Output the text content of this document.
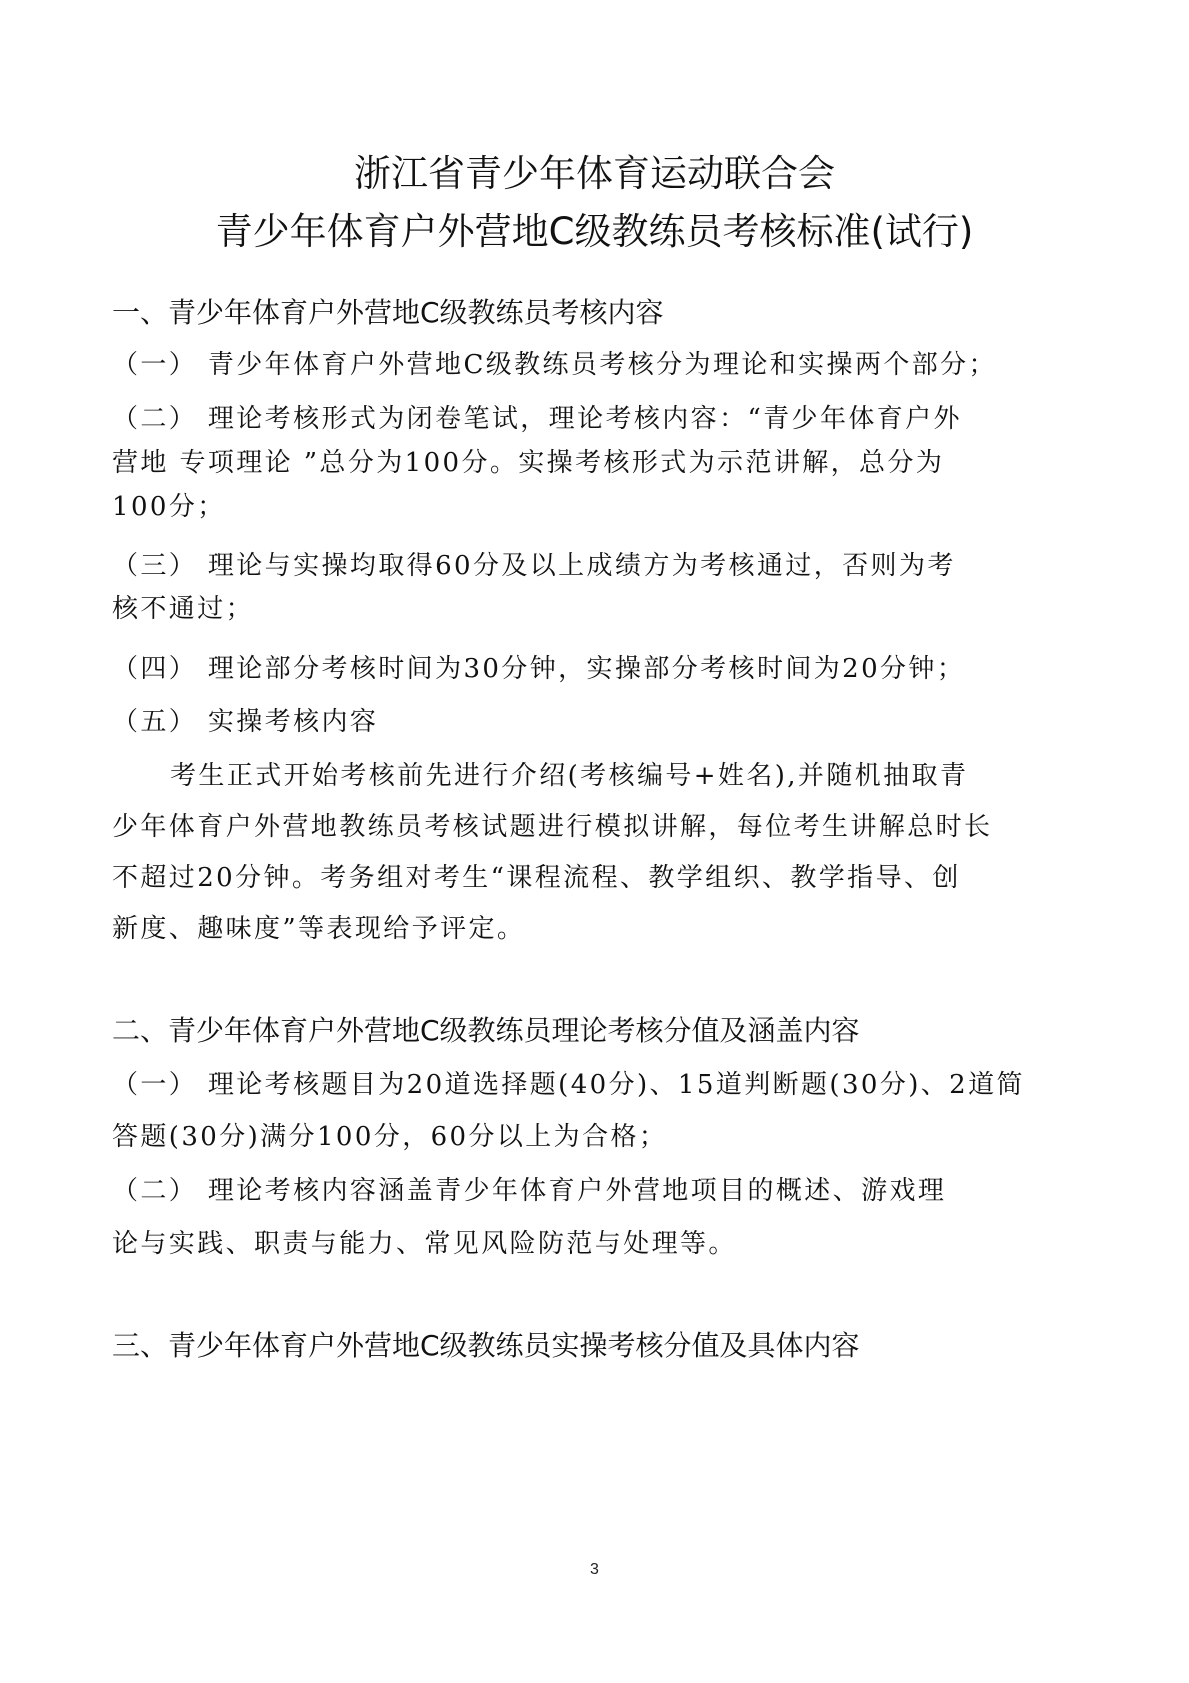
浙江省青少年体育运动联合会
青少年体育户外营地C级教练员考核标准(试行)
一、青少年体育户外营地C级教练员考核内容
（一） 青少年体育户外营地C级教练员考核分为理论和实操两个部分；
（二） 理论考核形式为闭卷笔试，理论考核内容：“青少年体育户外
营地 专项理论 ”总分为100分。实操考核形式为示范讲解，总分为
100分；
（三） 理论与实操均取得60分及以上成绩方为考核通过，否则为考
核不通过；
（四） 理论部分考核时间为30分钟，实操部分考核时间为20分钟；
（五） 实操考核内容
考生正式开始考核前先进行介绍(考核编号+姓名),并随机抽取青
少年体育户外营地教练员考核试题进行模拟讲解，每位考生讲解总时长
不超过20分钟。考务组对考生“课程流程、教学组织、教学指导、创
新度、趣味度”等表现给予评定。
二、青少年体育户外营地C级教练员理论考核分值及涵盖内容
（一） 理论考核题目为20道选择题(40分)、15道判断题(30分)、2道简
答题(30分)满分100分，60分以上为合格；
（二） 理论考核内容涵盖青少年体育户外营地项目的概述、游戏理
论与实践、职责与能力、常见风险防范与处理等。
三、青少年体育户外营地C级教练员实操考核分值及具体内容
3
